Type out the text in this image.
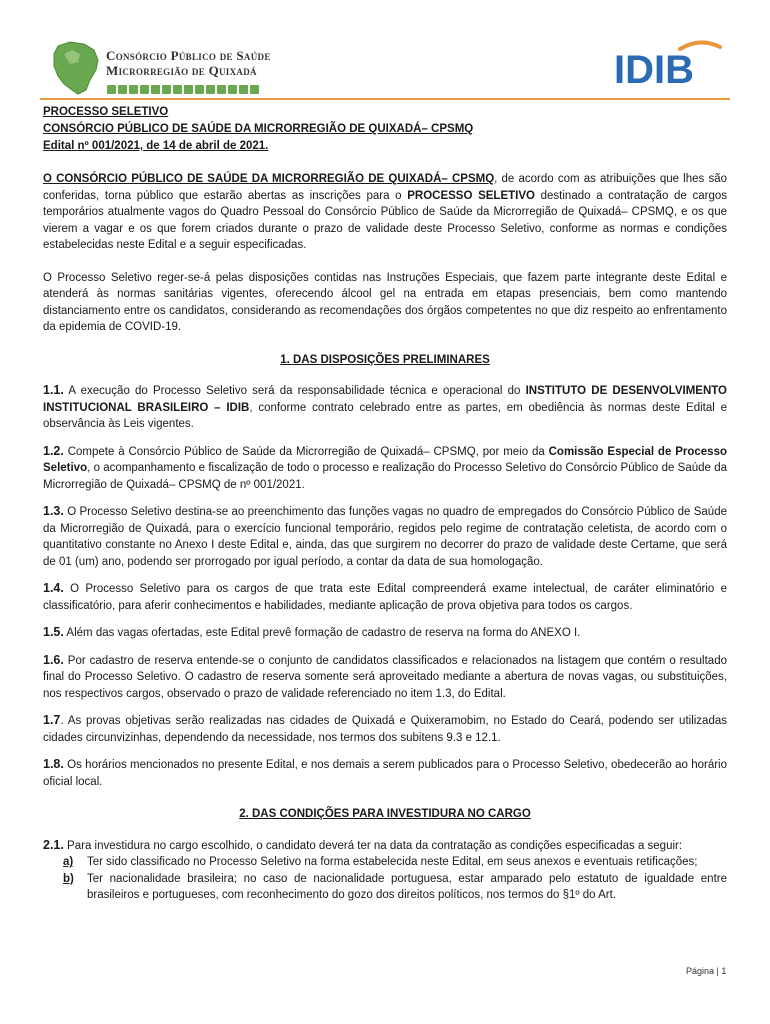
Consórcio Público de Saúde
Microrregião de Quixadá	IDIB
PROCESSO SELETIVO
CONSÓRCIO PÚBLICO DE SAÚDE DA MICRORREGIÃO DE QUIXADÁ– CPSMQ
Edital nº 001/2021, de 14 de abril de 2021.

O CONSÓRCIO PÚBLICO DE SAÚDE DA MICRORREGIÃO DE QUIXADÁ– CPSMQ, de acordo com as atribuições que lhes são conferidas, torna público que estarão abertas as inscrições para o PROCESSO SELETIVO destinado a contratação de cargos temporários atualmente vagos do Quadro Pessoal do Consórcio Público de Saúde da Microrregião de Quixadá– CPSMQ, e os que vierem a vagar e os que forem criados durante o prazo de validade deste Processo Seletivo, conforme as normas e condições estabelecidas neste Edital e a seguir especificadas.

O Processo Seletivo reger-se-á pelas disposições contidas nas Instruções Especiais, que fazem parte integrante deste Edital e atenderá às normas sanitárias vigentes, oferecendo álcool gel na entrada em etapas presenciais, bem como mantendo distanciamento entre os candidatos, considerando as recomendações dos órgãos competentes no que diz respeito ao enfrentamento da epidemia de COVID-19.

1. DAS DISPOSIÇÕES PRELIMINARES

1.1. A execução do Processo Seletivo será da responsabilidade técnica e operacional do INSTITUTO DE DESENVOLVIMENTO INSTITUCIONAL BRASILEIRO – IDIB, conforme contrato celebrado entre as partes, em obediência às normas deste Edital e observância às Leis vigentes.

1.2. Compete à Consórcio Público de Saúde da Microrregião de Quixadá– CPSMQ, por meio da Comissão Especial de Processo Seletivo, o acompanhamento e fiscalização de todo o processo e realização do Processo Seletivo do Consórcio Público de Saúde da Microrregião de Quixadá– CPSMQ de nº 001/2021.

1.3. O Processo Seletivo destina-se ao preenchimento das funções vagas no quadro de empregados do Consórcio Público de Saúde da Microrregião de Quixadá, para o exercício funcional temporário, regidos pelo regime de contratação celetista, de acordo com o quantitativo constante no Anexo I deste Edital e, ainda, das que surgirem no decorrer do prazo de validade deste Certame, que será de 01 (um) ano, podendo ser prorrogado por igual período, a contar da data de sua homologação.

1.4. O Processo Seletivo para os cargos de que trata este Edital compreenderá exame intelectual, de caráter eliminatório e classificatório, para aferir conhecimentos e habilidades, mediante aplicação de prova objetiva para todos os cargos.

1.5. Além das vagas ofertadas, este Edital prevê formação de cadastro de reserva na forma do ANEXO I.

1.6. Por cadastro de reserva entende-se o conjunto de candidatos classificados e relacionados na listagem que contém o resultado final do Processo Seletivo. O cadastro de reserva somente será aproveitado mediante a abertura de novas vagas, ou substituições, nos respectivos cargos, observado o prazo de validade referenciado no item 1.3, do Edital.

1.7. As provas objetivas serão realizadas nas cidades de Quixadá e Quixeramobim, no Estado do Ceará, podendo ser utilizadas cidades circunvizinhas, dependendo da necessidade, nos termos dos subitens 9.3 e 12.1.

1.8. Os horários mencionados no presente Edital, e nos demais a serem publicados para o Processo Seletivo, obedecerão ao horário oficial local.

2. DAS CONDIÇÕES PARA INVESTIDURA NO CARGO

2.1. Para investidura no cargo escolhido, o candidato deverá ter na data da contratação as condições especificadas a seguir:

a)	Ter sido classificado no Processo Seletivo na forma estabelecida neste Edital, em seus anexos e eventuais retificações;
b)	Ter nacionalidade brasileira; no caso de nacionalidade portuguesa, estar amparado pelo estatuto de igualdade entre brasileiros e portugueses, com reconhecimento do gozo dos direitos políticos, nos termos do §1º do Art.
Página | 1
